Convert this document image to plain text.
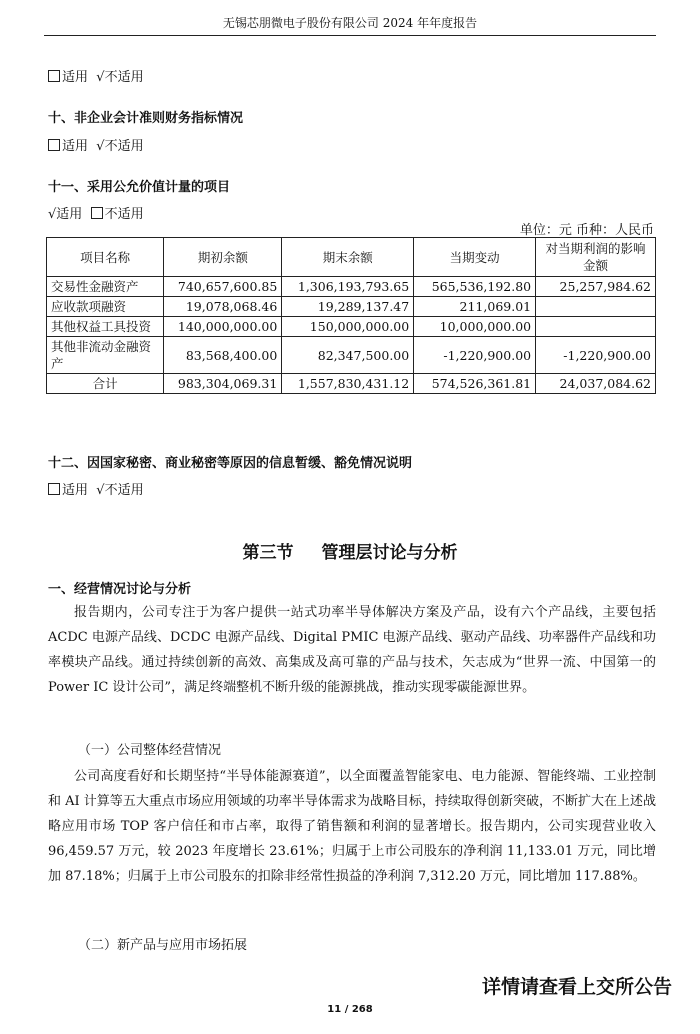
无锡芯朋微电子股份有限公司 2024 年年度报告
适用 √不适用
十、非企业会计准则财务指标情况
适用 √不适用
十一、采用公允价值计量的项目
√适用 不适用
单位：元 币种：人民币
项目名称	期初余额	期末余额	当期变动	对当期利润的影响金额
交易性金融资产	740,657,600.85	1,306,193,793.65	565,536,192.80	25,257,984.62
应收款项融资	19,078,068.46	19,289,137.47	211,069.01	
其他权益工具投资	140,000,000.00	150,000,000.00	10,000,000.00	
其他非流动金融资产	83,568,400.00	82,347,500.00	-1,220,900.00	-1,220,900.00
合计	983,304,069.31	1,557,830,431.12	574,526,361.81	24,037,084.62
十二、因国家秘密、商业秘密等原因的信息暂缓、豁免情况说明
适用 √不适用
第三节 管理层讨论与分析
一、经营情况讨论与分析
报告期内，公司专注于为客户提供一站式功率半导体解决方案及产品，设有六个产品线，主要包括 ACDC 电源产品线、DCDC 电源产品线、Digital PMIC 电源产品线、驱动产品线、功率器件产品线和功率模块产品线。通过持续创新的高效、高集成及高可靠的产品与技术，矢志成为“世界一流、中国第一的 Power IC 设计公司”，满足终端整机不断升级的能源挑战，推动实现零碳能源世界。
（一）公司整体经营情况
公司高度看好和长期坚持“半导体能源赛道”，以全面覆盖智能家电、电力能源、智能终端、工业控制和 AI 计算等五大重点市场应用领域的功率半导体需求为战略目标，持续取得创新突破，不断扩大在上述战略应用市场 TOP 客户信任和市占率，取得了销售额和利润的显著增长。报告期内，公司实现营业收入 96,459.57 万元，较 2023 年度增长 23.61%；归属于上市公司股东的净利润 11,133.01 万元，同比增加 87.18%；归属于上市公司股东的扣除非经常性损益的净利润 7,312.20 万元，同比增加 117.88%。
（二）新产品与应用市场拓展
详情请查看上交所公告
11 / 268
